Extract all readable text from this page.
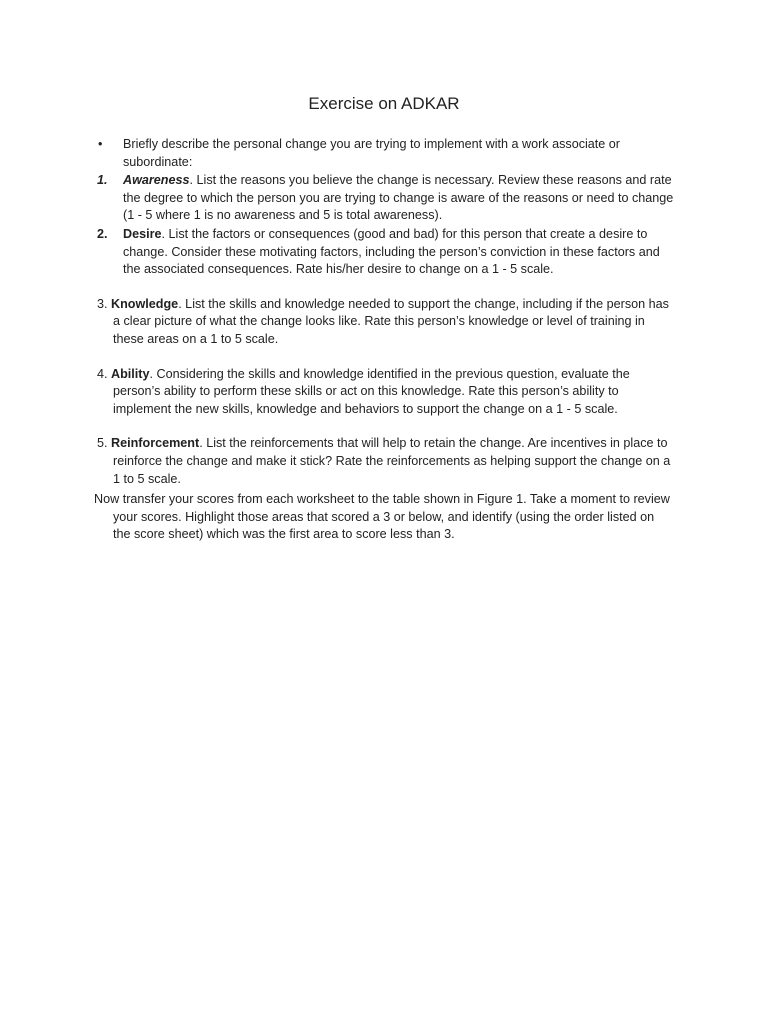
Exercise on ADKAR
• Briefly describe the personal change you are trying to implement with a work associate or subordinate:
1. Awareness. List the reasons you believe the change is necessary. Review these reasons and rate the degree to which the person you are trying to change is aware of the reasons or need to change (1 - 5 where 1 is no awareness and 5 is total awareness).
2. Desire. List the factors or consequences (good and bad) for this person that create a desire to change. Consider these motivating factors, including the person’s conviction in these factors and the associated consequences. Rate his/her desire to change on a 1 - 5 scale.
3. Knowledge. List the skills and knowledge needed to support the change, including if the person has a clear picture of what the change looks like. Rate this person’s knowledge or level of training in these areas on a 1 to 5 scale.
4. Ability. Considering the skills and knowledge identified in the previous question, evaluate the person’s ability to perform these skills or act on this knowledge. Rate this person’s ability to implement the new skills, knowledge and behaviors to support the change on a 1 - 5 scale.
5. Reinforcement. List the reinforcements that will help to retain the change. Are incentives in place to reinforce the change and make it stick? Rate the reinforcements as helping support the change on a 1 to 5 scale.
Now transfer your scores from each worksheet to the table shown in Figure 1. Take a moment to review your scores. Highlight those areas that scored a 3 or below, and identify (using the order listed on the score sheet) which was the first area to score less than 3.
